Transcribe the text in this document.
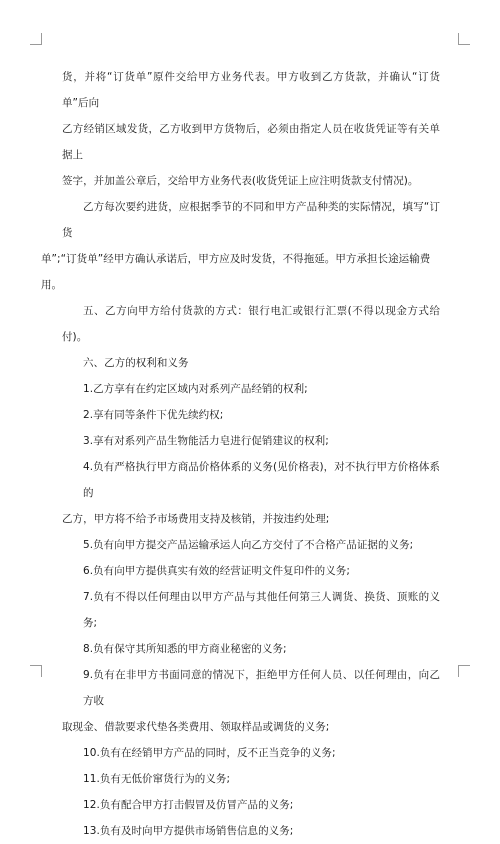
货，并将“订货单”原件交给甲方业务代表。甲方收到乙方货款，并确认“订货单”后向
乙方经销区域发货，乙方收到甲方货物后，必须由指定人员在收货凭证等有关单据上
签字，并加盖公章后，交给甲方业务代表(收货凭证上应注明货款支付情况)。

乙方每次要约进货，应根据季节的不同和甲方产品种类的实际情况，填写“订货
单”;“订货单”经甲方确认承诺后，甲方应及时发货，不得拖延。甲方承担长途运输费
用。

五、乙方向甲方给付货款的方式：银行电汇或银行汇票(不得以现金方式给付)。

六、乙方的权利和义务

1.乙方享有在约定区域内对系列产品经销的权利;

2.享有同等条件下优先续约权;

3.享有对系列产品生物能活力皂进行促销建议的权利;

4.负有严格执行甲方商品价格体系的义务(见价格表)，对不执行甲方价格体系的
乙方，甲方将不给予市场费用支持及核销，并按违约处理;

5.负有向甲方提交产品运输承运人向乙方交付了不合格产品证据的义务;

6.负有向甲方提供真实有效的经营证明文件复印件的义务;

7.负有不得以任何理由以甲方产品与其他任何第三人调货、换货、顶账的义务;

8.负有保守其所知悉的甲方商业秘密的义务;

9.负有在非甲方书面同意的情况下，拒绝甲方任何人员、以任何理由，向乙方收
取现金、借款要求代垫各类费用、领取样品或调货的义务;

10.负有在经销甲方产品的同时，反不正当竞争的义务;

11.负有无低价窜货行为的义务;

12.负有配合甲方打击假冒及仿冒产品的义务;

13.负有及时向甲方提供市场销售信息的义务;
